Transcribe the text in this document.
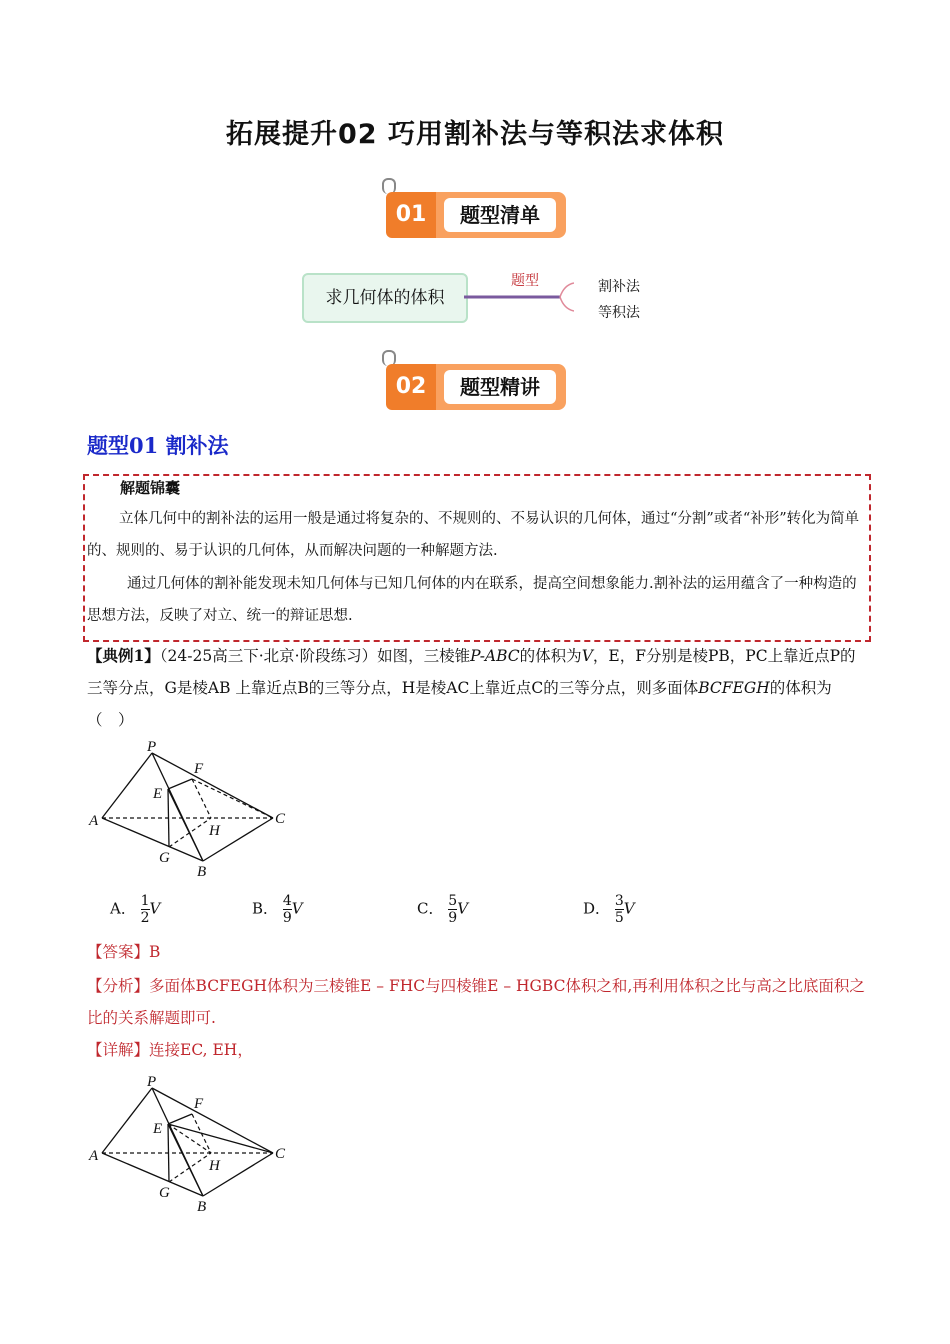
拓展提升02 巧用割补法与等积法求体积
01	题型清单
求几何体的体积
题型	割补法
等积法
02	题型精讲
题型01 割补法
解题锦囊
立体几何中的割补法的运用一般是通过将复杂的、不规则的、不易认识的几何体，通过“分割”或者“补形”转化为简单的、规则的、易于认识的几何体，从而解决问题的一种解题方法.
通过几何体的割补能发现未知几何体与已知几何体的内在联系，提高空间想象能力.割补法的运用蕴含了一种构造的思想方法，反映了对立、统一的辩证思想.
【典例1】（24-25高三下·北京·阶段练习）如图，三棱锥P-ABC的体积为V，E，F分别是棱PB，PC上靠近点P的三等分点，G是棱AB 上靠近点B的三等分点，H是棱AC上靠近点C的三等分点，则多面体BCFEGH的体积为（　）
P
F
E
A	C
H
G
B
A． $\frac{1}{2}$ V	B． $\frac{4}{9}$ V	C． $\frac{5}{9}$ V	D． $\frac{3}{5}$ V
【答案】B
【分析】多面体BCFEGH体积为三棱锥E – FHC与四棱锥E – HGBC体积之和,再利用体积之比与高之比底面积之比的关系解题即可.
【详解】连接EC, EH，
P
F
E
A	C
H
G
B
